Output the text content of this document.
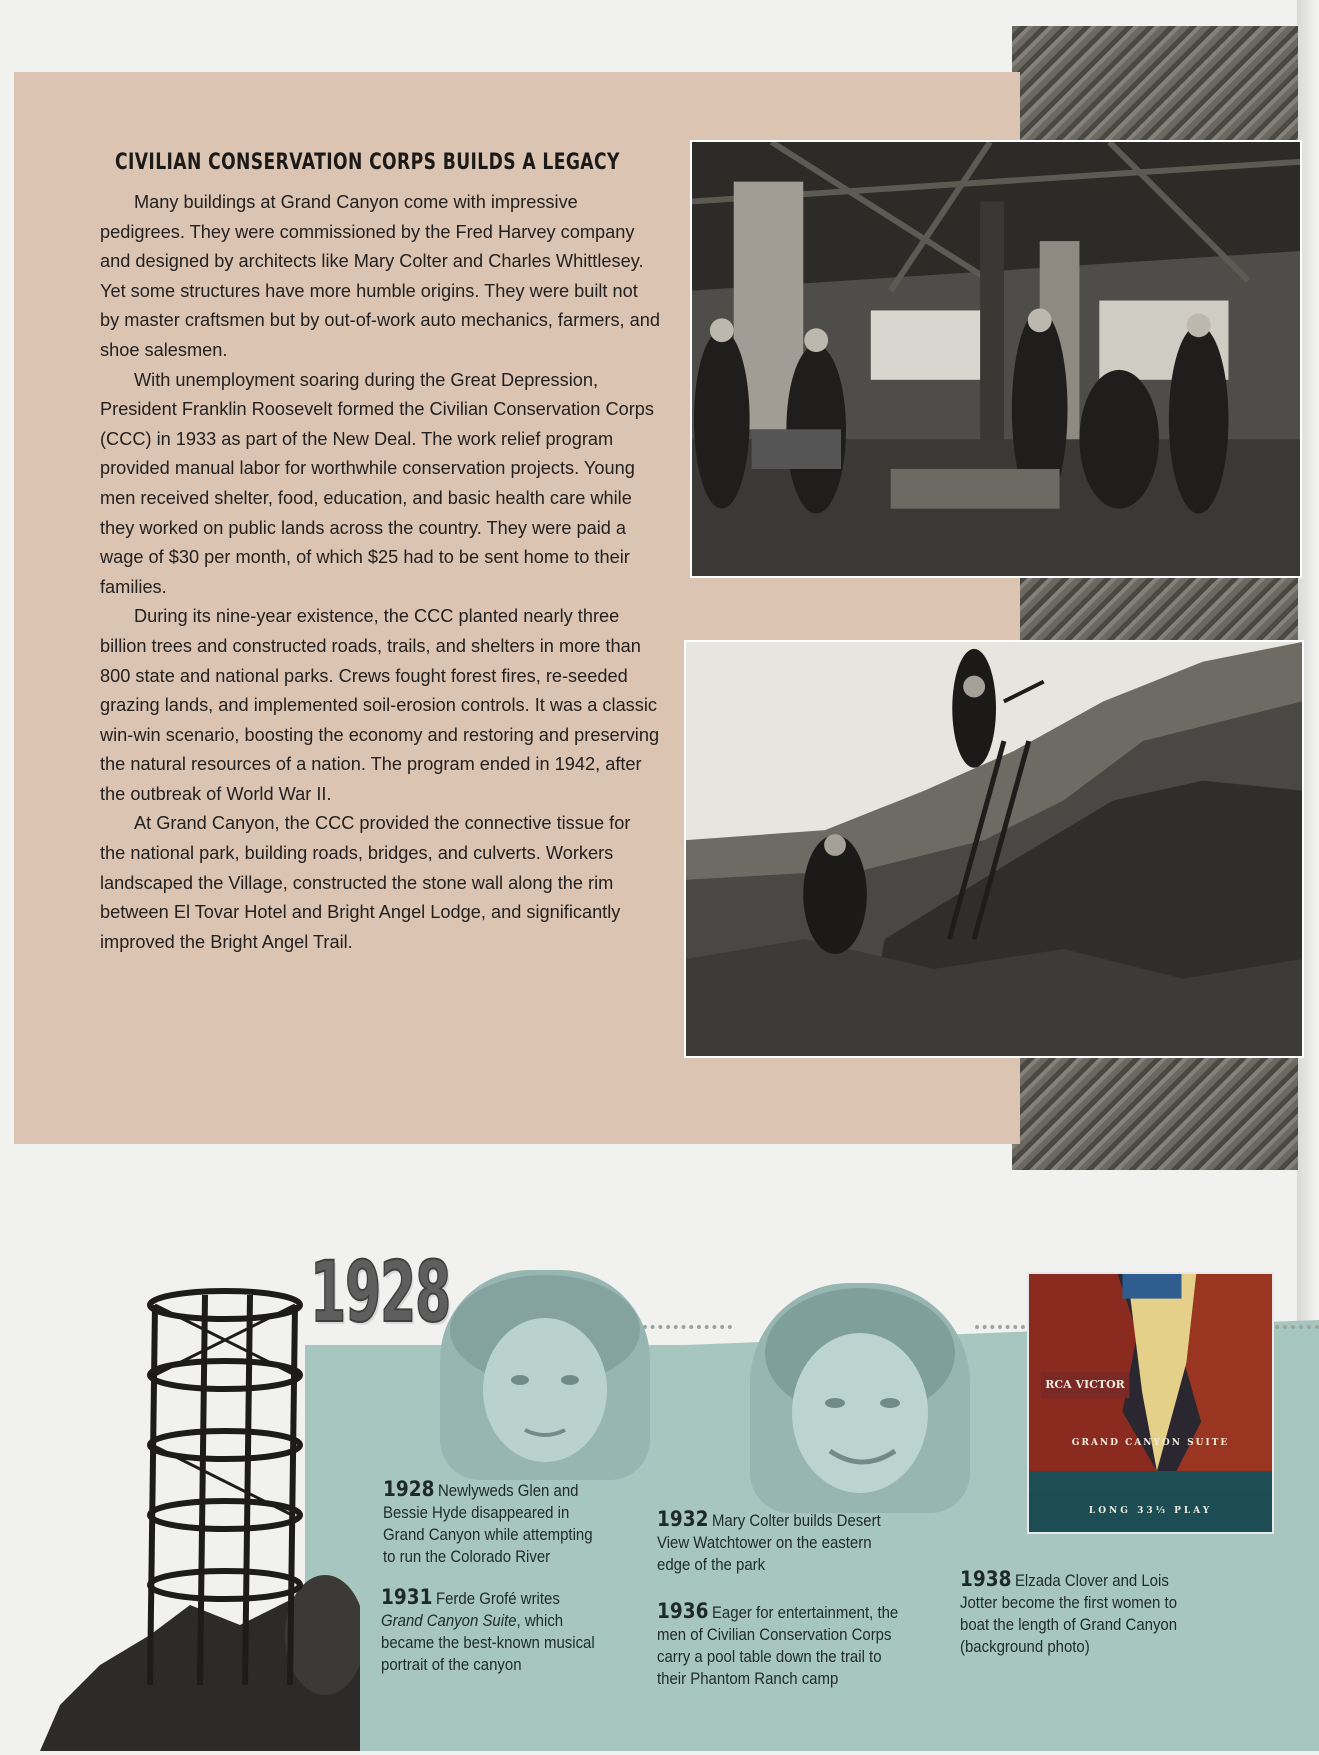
CIVILIAN CONSERVATION CORPS BUILDS A LEGACY

Many buildings at Grand Canyon come with impressive pedigrees. They were commissioned by the Fred Harvey company and designed by architects like Mary Colter and Charles Whittlesey. Yet some structures have more humble origins. They were built not by master craftsmen but by out-of-work auto mechanics, farmers, and shoe salesmen.

With unemployment soaring during the Great Depression, President Franklin Roosevelt formed the Civilian Conservation Corps (CCC) in 1933 as part of the New Deal. The work relief program provided manual labor for worthwhile conservation projects. Young men received shelter, food, education, and basic health care while they worked on public lands across the country. They were paid a wage of $30 per month, of which $25 had to be sent home to their families.

During its nine-year existence, the CCC planted nearly three billion trees and constructed roads, trails, and shelters in more than 800 state and national parks. Crews fought forest fires, re-seeded grazing lands, and implemented soil-erosion controls. It was a classic win-win scenario, boosting the economy and restoring and preserving the natural resources of a nation. The program ended in 1942, after the outbreak of World War II.

At Grand Canyon, the CCC provided the connective tissue for the national park, building roads, bridges, and culverts. Workers landscaped the Village, constructed the stone wall along the rim between El Tovar Hotel and Bright Angel Lodge, and significantly improved the Bright Angel Trail.

1928
RCA VICTOR
GRAND CANYON SUITE
LONG 33⅓ PLAY
1928 Newlyweds Glen and Bessie Hyde disappeared in Grand Canyon while attempting to run the Colorado River
1931 Ferde Grofé writes Grand Canyon Suite, which became the best-known musical portrait of the canyon
1932 Mary Colter builds Desert View Watchtower on the eastern edge of the park
1936 Eager for entertainment, the men of Civilian Conservation Corps carry a pool table down the trail to their Phantom Ranch camp
1938 Elzada Clover and Lois Jotter become the first women to boat the length of Grand Canyon (background photo)
